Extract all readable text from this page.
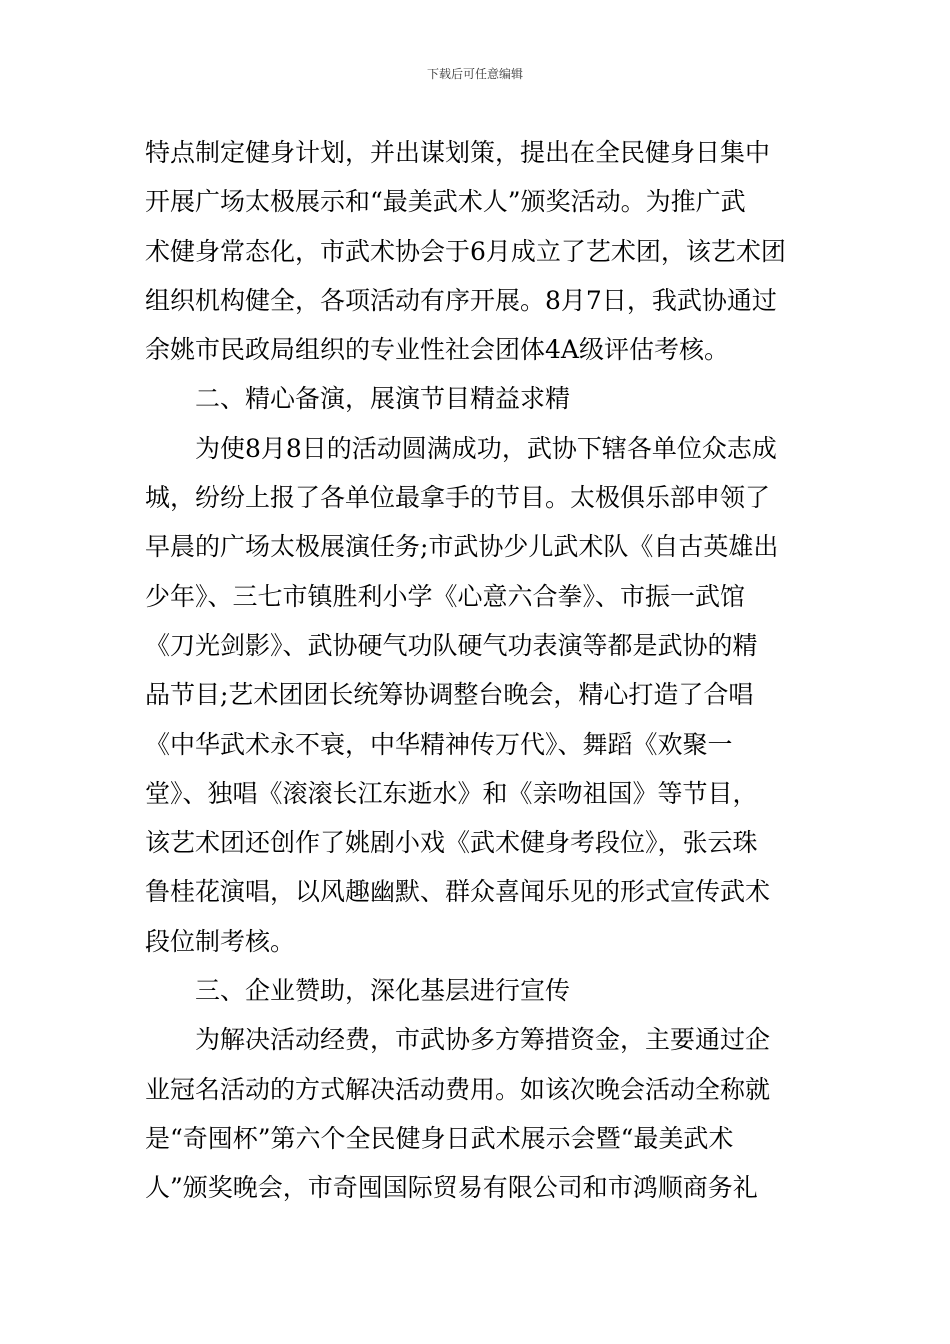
下载后可任意编辑
特点制定健身计划，并出谋划策，提出在全民健身日集中
开展广场太极展示和“最美武术人”颁奖活动。为推广武
术健身常态化，市武术协会于6月成立了艺术团，该艺术团
组织机构健全，各项活动有序开展。8月7日，我武协通过
余姚市民政局组织的专业性社会团体4A级评估考核。
二、精心备演，展演节目精益求精
为使8月8日的活动圆满成功，武协下辖各单位众志成
城，纷纷上报了各单位最拿手的节目。太极俱乐部申领了
早晨的广场太极展演任务;市武协少儿武术队《自古英雄出
少年》、三七市镇胜利小学《心意六合拳》、市振一武馆
《刀光剑影》、武协硬气功队硬气功表演等都是武协的精
品节目;艺术团团长统筹协调整台晚会，精心打造了合唱
《中华武术永不衰，中华精神传万代》、舞蹈《欢聚一
堂》、独唱《滚滚长江东逝水》和《亲吻祖国》等节目，
该艺术团还创作了姚剧小戏《武术健身考段位》，张云珠
鲁桂花演唱，以风趣幽默、群众喜闻乐见的形式宣传武术
段位制考核。
三、企业赞助，深化基层进行宣传
为解决活动经费，市武协多方筹措资金，主要通过企
业冠名活动的方式解决活动费用。如该次晚会活动全称就
是“奇囤杯”第六个全民健身日武术展示会暨“最美武术
人”颁奖晚会，市奇囤国际贸易有限公司和市鸿顺商务礼
